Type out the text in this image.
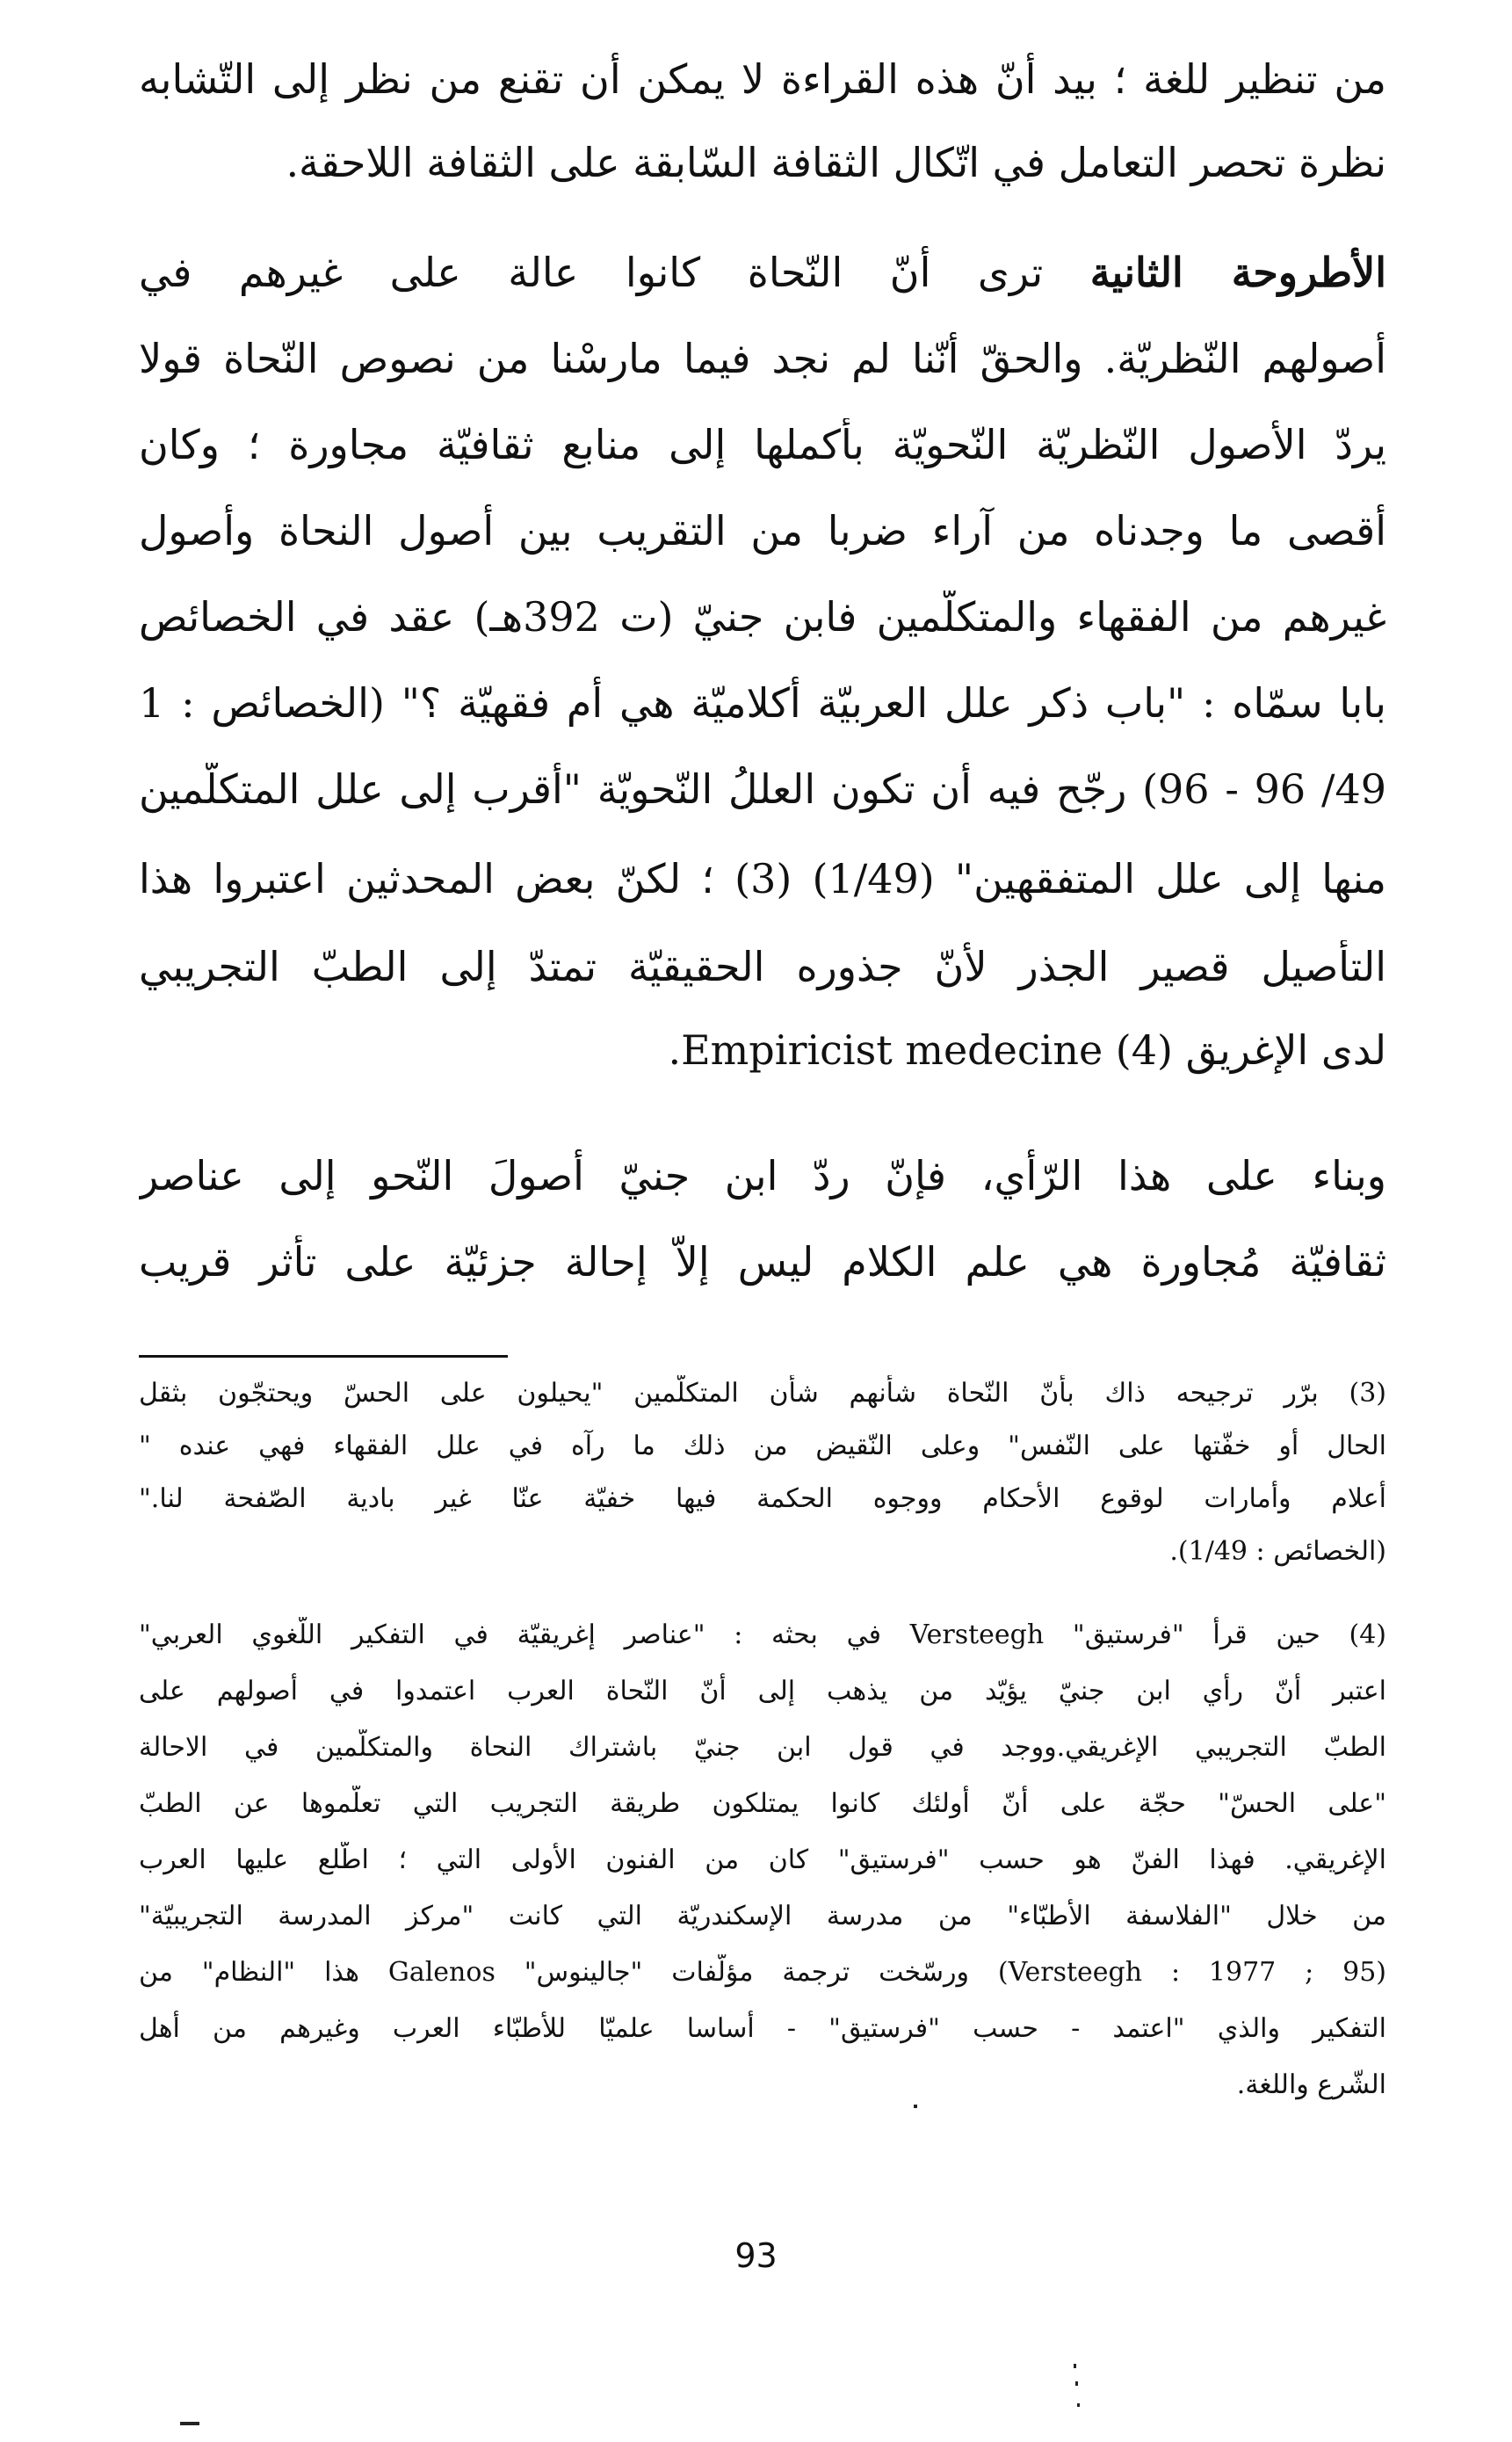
من تنظير للغة ؛ بيد أنّ هذه القراءة لا يمكن أن تقنع من نظر إلى التّشابه
نظرة تحصر التعامل في اتّكال الثقافة السّابقة على الثقافة اللاحقة.
الأطروحة الثانية ترى أنّ النّحاة كانوا عالة على غيرهم في
أصولهم النّظريّة. والحقّ أنّنا لم نجد فيما مارسْنا من نصوص النّحاة قولا
يردّ الأصول النّظريّة النّحويّة بأكملها إلى منابع ثقافيّة مجاورة ؛ وكان
أقصى ما وجدناه من آراء ضربا من التقريب بين أصول النحاة وأصول
غيرهم من الفقهاء والمتكلّمين فابن جنيّ (ت 392هـ) عقد في الخصائص
بابا سمّاه : "باب ذكر علل العربيّة أكلاميّة هي أم فقهيّة ؟" (الخصائص : 1
49/ 96 - 96) رجّح فيه أن تكون العللُ النّحويّة "أقرب إلى علل المتكلّمين
منها إلى علل المتفقهين" (1/49) (3) ؛ لكنّ بعض المحدثين اعتبروا هذا
التأصيل قصير الجذر لأنّ جذوره الحقيقيّة تمتدّ إلى الطبّ التجريبي
لدى الإغريق Empiricist medecine (4).
وبناء على هذا الرّأي، فإنّ ردّ ابن جنيّ أصولَ النّحو إلى عناصر
ثقافيّة مُجاورة هي علم الكلام ليس إلاّ إحالة جزئيّة على تأثر قريب
(3) برّر ترجيحه ذاك بأنّ النّحاة شأنهم شأن المتكلّمين "يحيلون على الحسّ ويحتجّون بثقل
الحال أو خفّتها على النّفس" وعلى النّقيض من ذلك ما رآه في علل الفقهاء فهي عنده "
أعلام وأمارات لوقوع الأحكام ووجوه الحكمة فيها خفيّة عنّا غير بادية الصّفحة لنا."
(الخصائص : 1/49).
(4) حين قرأ "فرستيق" Versteegh في بحثه : "عناصر إغريقيّة في التفكير اللّغوي العربي"
اعتبر أنّ رأي ابن جنيّ يؤيّد من يذهب إلى أنّ النّحاة العرب اعتمدوا في أصولهم على
الطبّ التجريبي الإغريقي.ووجد في قول ابن جنيّ باشتراك النحاة والمتكلّمين في الاحالة
"على الحسّ" حجّة على أنّ أولئك كانوا يمتلكون طريقة التجريب التي تعلّموها عن الطبّ
الإغريقي. فهذا الفنّ هو حسب "فرستيق" كان من الفنون الأولى التي ؛ اطّلع عليها العرب
من خلال "الفلاسفة الأطبّاء" من مدرسة الإسكندريّة التي كانت "مركز المدرسة التجريبيّة"
(Versteegh : 1977 ; 95) ورسّخت ترجمة مؤلّفات "جالينوس" Galenos هذا "النظام" من
التفكير والذي "اعتمد - حسب "فرستيق" - أساسا علميّا للأطبّاء العرب وغيرهم من أهل
الشّرع واللغة.
93
